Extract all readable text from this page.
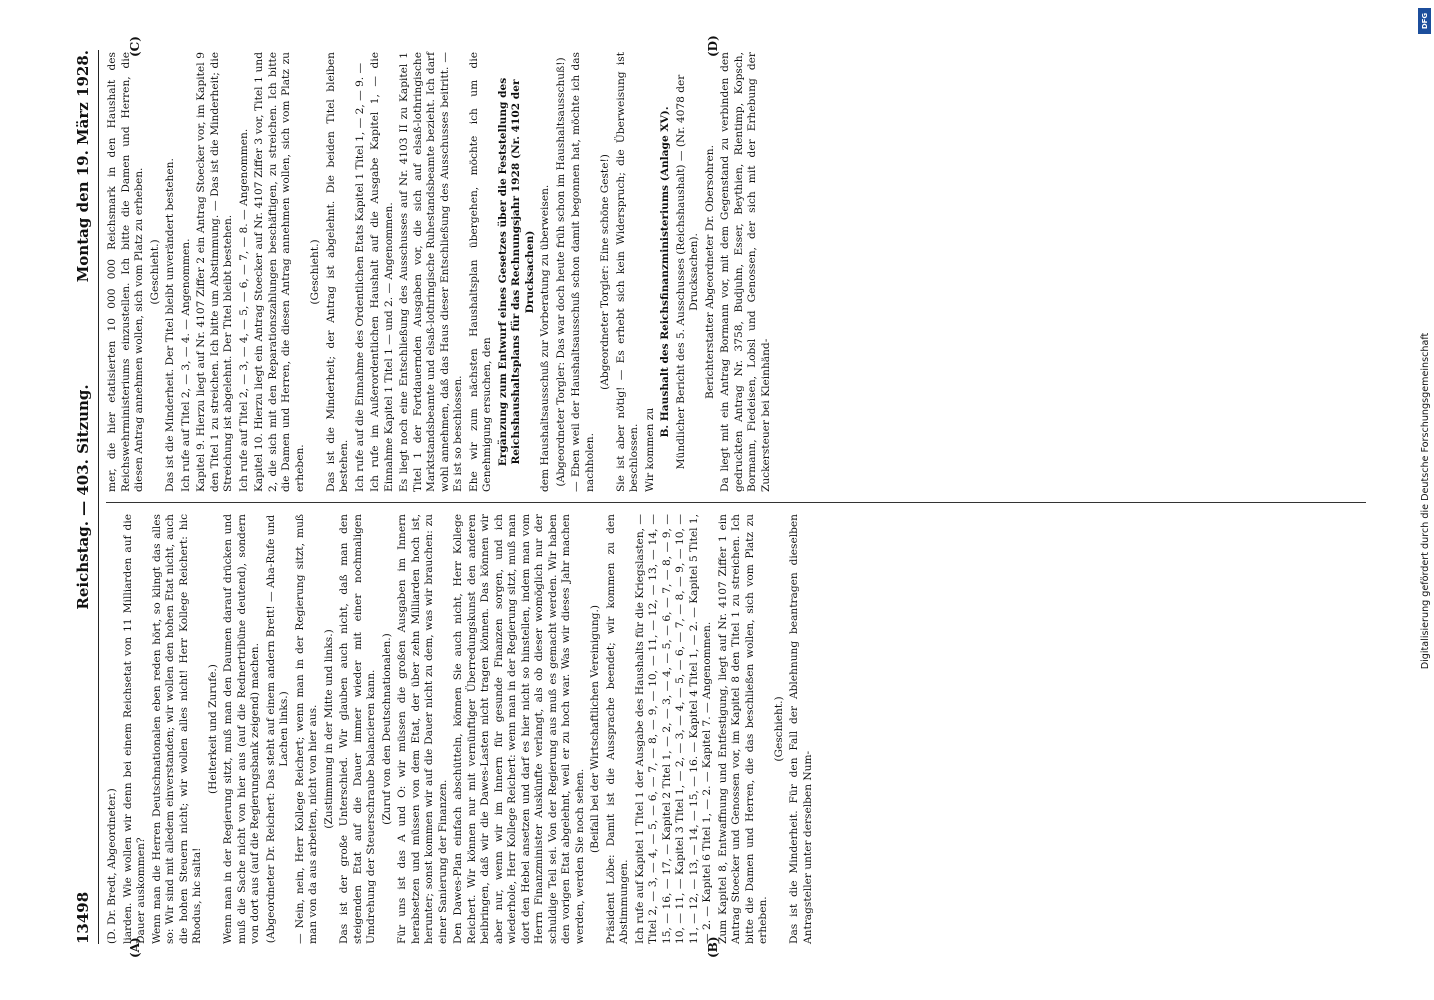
13498
Reichstag. — 403. Sitzung.
Montag den 19. März 1928.
(A)	(B)
(C)	(D)

(D. Dr. Bredt, Abgeordneter.) liarden. Wie wollen wir denn bei einem Reichsetat von 11 Milliarden auf die Dauer auskommen? Wenn man die Herren Deutschnationalen eben reden hört, so klingt das alles so: Wir sind mit alledem einverstanden; wir wollen den hohen Etat nicht, auch die hohen Steuern nicht; wir wollen alles nicht! Herr Kollege Reichert: hic Rhodus, hic salta!

(Heiterkeit und Zurufe.) Wenn man in der Regierung sitzt, muß man den Daumen darauf drücken und muß die Sache nicht von hier aus (auf die Rednertribüne deutend), sondern von dort aus (auf die Regierungsbank zeigend) machen. (Abgeordneter Dr. Reichert: Das steht auf einem andern Brett! — Aha-Rufe und Lachen links.) — Nein, nein, Herr Kollege Reichert; wenn man in der Regierung sitzt, muß man von da aus arbeiten, nicht von hier aus. (Zustimmung in der Mitte und links.) Das ist der große Unterschied. Wir glauben auch nicht, daß man den steigenden Etat auf die Dauer immer wieder mit einer nochmaligen Umdrehung der Steuerschraube balancieren kann. (Zuruf von den Deutschnationalen.) Für uns ist das A und O: wir müssen die großen Ausgaben im Innern herabsetzen und müssen von dem Etat, der über zehn Milliarden hoch ist, herunter; sonst kommen wir auf die Dauer nicht zu dem, was wir brauchen: zu einer Sanierung der Finanzen. Den Dawes-Plan einfach abschütteln, können Sie auch nicht, Herr Kollege Reichert. Wir können nur mit vernünftiger Überredungskunst den anderen beibringen, daß wir die Dawes-Lasten nicht tragen können. Das können wir aber nur, wenn wir im Innern für gesunde Finanzen sorgen, und ich wiederhole, Herr Kollege Reichert: wenn man in der Regierung sitzt, muß man dort den Hebel ansetzen und darf es hier nicht so hinstellen, indem man vom Herrn Finanzminister Auskünfte verlangt, als ob dieser womöglich nur der schuldige Teil sei. Von der Regierung aus muß es gemacht werden. Wir haben den vorigen Etat abgelehnt, weil er zu hoch war. Was wir dieses Jahr machen werden, werden Sie noch sehen.

(Beifall bei der Wirtschaftlichen Vereinigung.) Präsident Löbe: Damit ist die Aussprache beendet; wir kommen zu den Abstimmungen. Ich rufe auf Kapitel 1 Titel 1 der Ausgabe des Haushalts für die Kriegslasten, — Titel 2, — 3, — 4, — 5, — 6, — 7, — 8, — 9, — 10, — 11, — 12, — 13, — 14, — 15, — 16, — 17, — Kapitel 2 Titel 1, — 2, — 3, — 4, — 5, — 6, — 7, — 8, — 9, — 10, — 11, — Kapitel 3 Titel 1, — 2, — 3, — 4, — 5, — 6, — 7, — 8, — 9, — 10, — 11, — 12, — 13, — 14, — 15, — 16. — Kapitel 4 Titel 1, — 2. — Kapitel 5 Titel 1, — 2. — Kapitel 6 Titel 1, — 2. — Kapitel 7. — Angenommen. Zum Kapitel 8, Entwaffnung und Entfestigung, liegt auf Nr. 4107 Ziffer 1 ein Antrag Stoecker und Genossen vor, im Kapitel 8 den Titel 1 zu streichen. Ich bitte die Damen und Herren, die das beschließen wollen, sich vom Platz zu erheben.

(Geschieht.) Das ist die Minderheit. Für den Fall der Ablehnung beantragen dieselben Antragsteller unter derselben Num-

mer, die hier etatisierten 10 000 000 Reichsmark in den Haushalt des Reichswehrministeriums einzustellen. Ich bitte die Damen und Herren, die diesen Antrag annehmen wollen, sich vom Platz zu erheben. (Geschieht.) Das ist die Minderheit. Der Titel bleibt unverändert bestehen. Ich rufe auf Titel 2, — 3, — 4. — Angenommen. Kapitel 9. Hierzu liegt auf Nr. 4107 Ziffer 2 ein Antrag Stoecker vor, im Kapitel 9 den Titel 1 zu streichen. Ich bitte um Abstimmung. — Das ist die Minderheit; die Streichung ist abgelehnt. Der Titel bleibt bestehen. Ich rufe auf Titel 2, — 3, — 4, — 5, — 6, — 7, — 8. — Angenommen. Kapitel 10. Hierzu liegt ein Antrag Stoecker auf Nr. 4107 Ziffer 3 vor, Titel 1 und 2, die sich mit den Reparationszahlungen beschäftigen, zu streichen. Ich bitte die Damen und Herren, die diesen Antrag annehmen wollen, sich vom Platz zu erheben.

(Geschieht.) Das ist die Minderheit; der Antrag ist abgelehnt. Die beiden Titel bleiben bestehen. Ich rufe auf die Einnahme des Ordentlichen Etats Kapitel 1 Titel 1, — 2, — 9. — Ich rufe im Außerordentlichen Haushalt auf die Ausgabe Kapitel 1, — die Einnahme Kapitel 1 Titel 1 — und 2. — Angenommen. Es liegt noch eine Entschließung des Ausschusses auf Nr. 4103 II zu Kapitel 1 Titel 1 der Fortdauernden Ausgaben vor, die sich auf elsaß-lothringische Marktstandsbeamte und elsaß-lothringische Ruhestandsbeamte bezieht. Ich darf wohl annehmen, daß das Haus dieser Entschließung des Ausschusses beitritt. — Es ist so beschlossen. Ehe wir zum nächsten Haushaltsplan übergehen, möchte ich um die Genehmigung ersuchen, den Ergänzung zum Entwurf eines Gesetzes über die Feststellung des Reichshaushaltsplans für das Rechnungsjahr 1928 (Nr. 4102 der Drucksachen) dem Haushaltsausschuß zur Vorberatung zu überweisen. (Abgeordneter Torgler: Das war doch heute früh schon im Haushaltsausschuß!) — Eben weil der Haushaltsausschuß schon damit begonnen hat, möchte ich das nachholen.

(Abgeordneter Torgler: Eine schöne Geste!) Sie ist aber nötig! — Es erhebt sich kein Widerspruch; die Überweisung ist beschlossen. Wir kommen zu

B. Haushalt des Reichsfinanzministeriums (Anlage XV). Mündlicher Bericht des 5. Ausschusses (Reichshaushalt) — (Nr. 4078 der Drucksachen). Berichterstatter Abgeordneter Dr. Obersohren. Da liegt mit ein Antrag Bormann vor, mit dem Gegenstand zu verbinden den gedruckten Antrag Nr. 3758, Budjuhn, Esser, Beythien, Rientimp, Kopsch, Bormann, Fiedeisen, Lobsl und Genossen, der sich mit der Erhebung der Zuckersteuer bei Kleinhänd-

DFG
Digitalisierung gefördert durch die Deutsche Forschungsgemeinschaft
